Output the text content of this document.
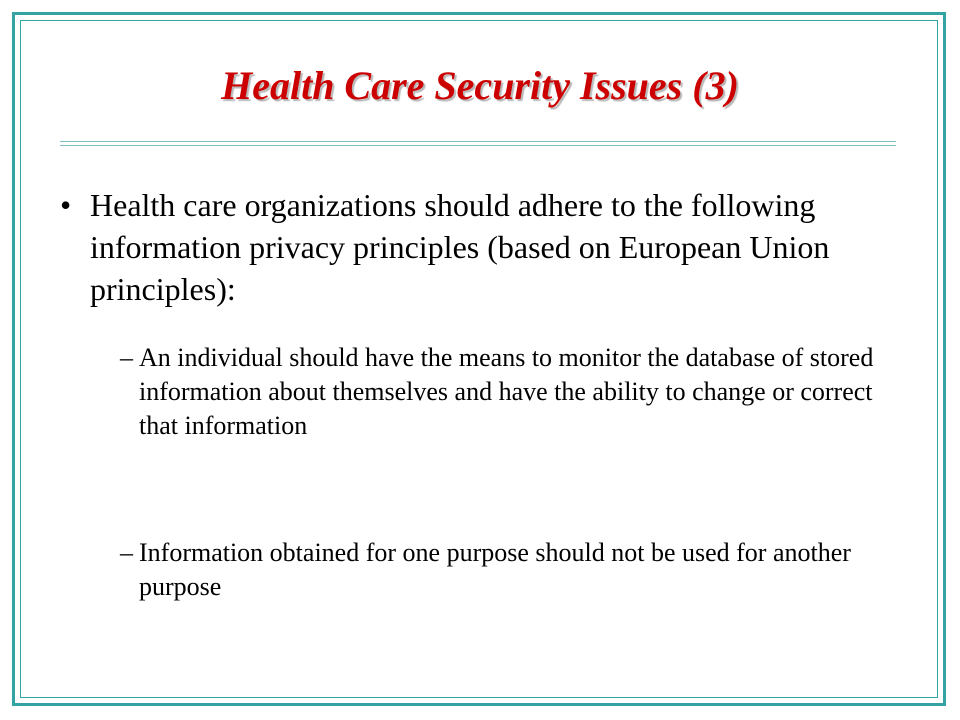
Health Care Security Issues (3)
• Health care organizations should adhere to the following information privacy principles (based on European Union principles):
– An individual should have the means to monitor the database of stored information about themselves and have the ability to change or correct that information
– Information obtained for one purpose should not be used for another purpose
